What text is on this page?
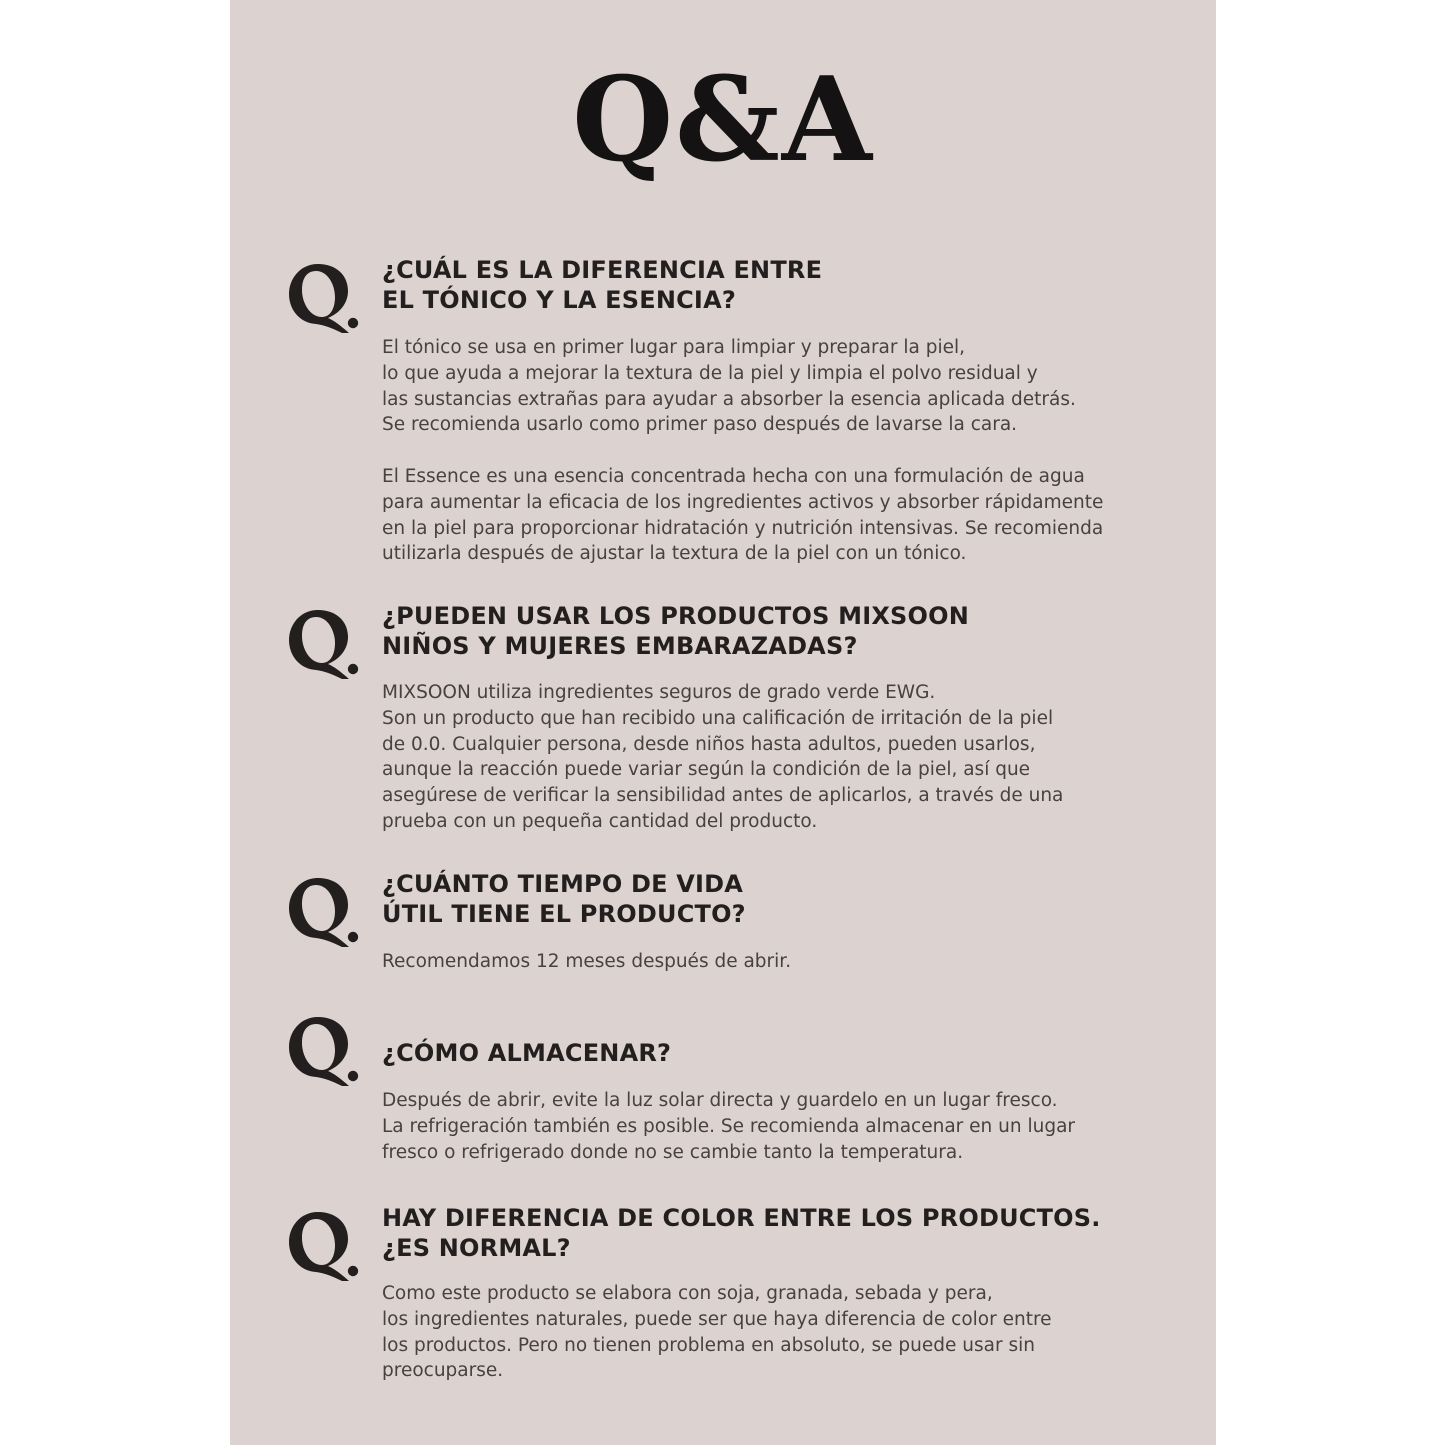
Q&A
¿CUÁL ES LA DIFERENCIA ENTRE
EL TÓNICO Y LA ESENCIA?
El tónico se usa en primer lugar para limpiar y preparar la piel,
lo que ayuda a mejorar la textura de la piel y limpia el polvo residual y
las sustancias extrañas para ayudar a absorber la esencia aplicada detrás.
Se recomienda usarlo como primer paso después de lavarse la cara.
El Essence es una esencia concentrada hecha con una formulación de agua
para aumentar la eficacia de los ingredientes activos y absorber rápidamente
en la piel para proporcionar hidratación y nutrición intensivas. Se recomienda
utilizarla después de ajustar la textura de la piel con un tónico.
¿PUEDEN USAR LOS PRODUCTOS MIXSOON
NIÑOS Y MUJERES EMBARAZADAS?
MIXSOON utiliza ingredientes seguros de grado verde EWG.
Son un producto que han recibido una calificación de irritación de la piel
de 0.0. Cualquier persona, desde niños hasta adultos, pueden usarlos,
aunque la reacción puede variar según la condición de la piel, así que
asegúrese de verificar la sensibilidad antes de aplicarlos, a través de una
prueba con un pequeña cantidad del producto.
¿CUÁNTO TIEMPO DE VIDA
ÚTIL TIENE EL PRODUCTO?
Recomendamos 12 meses después de abrir.
¿CÓMO ALMACENAR?
Después de abrir, evite la luz solar directa y guardelo en un lugar fresco.
La refrigeración también es posible. Se recomienda almacenar en un lugar
fresco o refrigerado donde no se cambie tanto la temperatura.
HAY DIFERENCIA DE COLOR ENTRE LOS PRODUCTOS.
¿ES NORMAL?
Como este producto se elabora con soja, granada, sebada y pera,
los ingredientes naturales, puede ser que haya diferencia de color entre
los productos. Pero no tienen problema en absoluto, se puede usar sin
preocuparse.
